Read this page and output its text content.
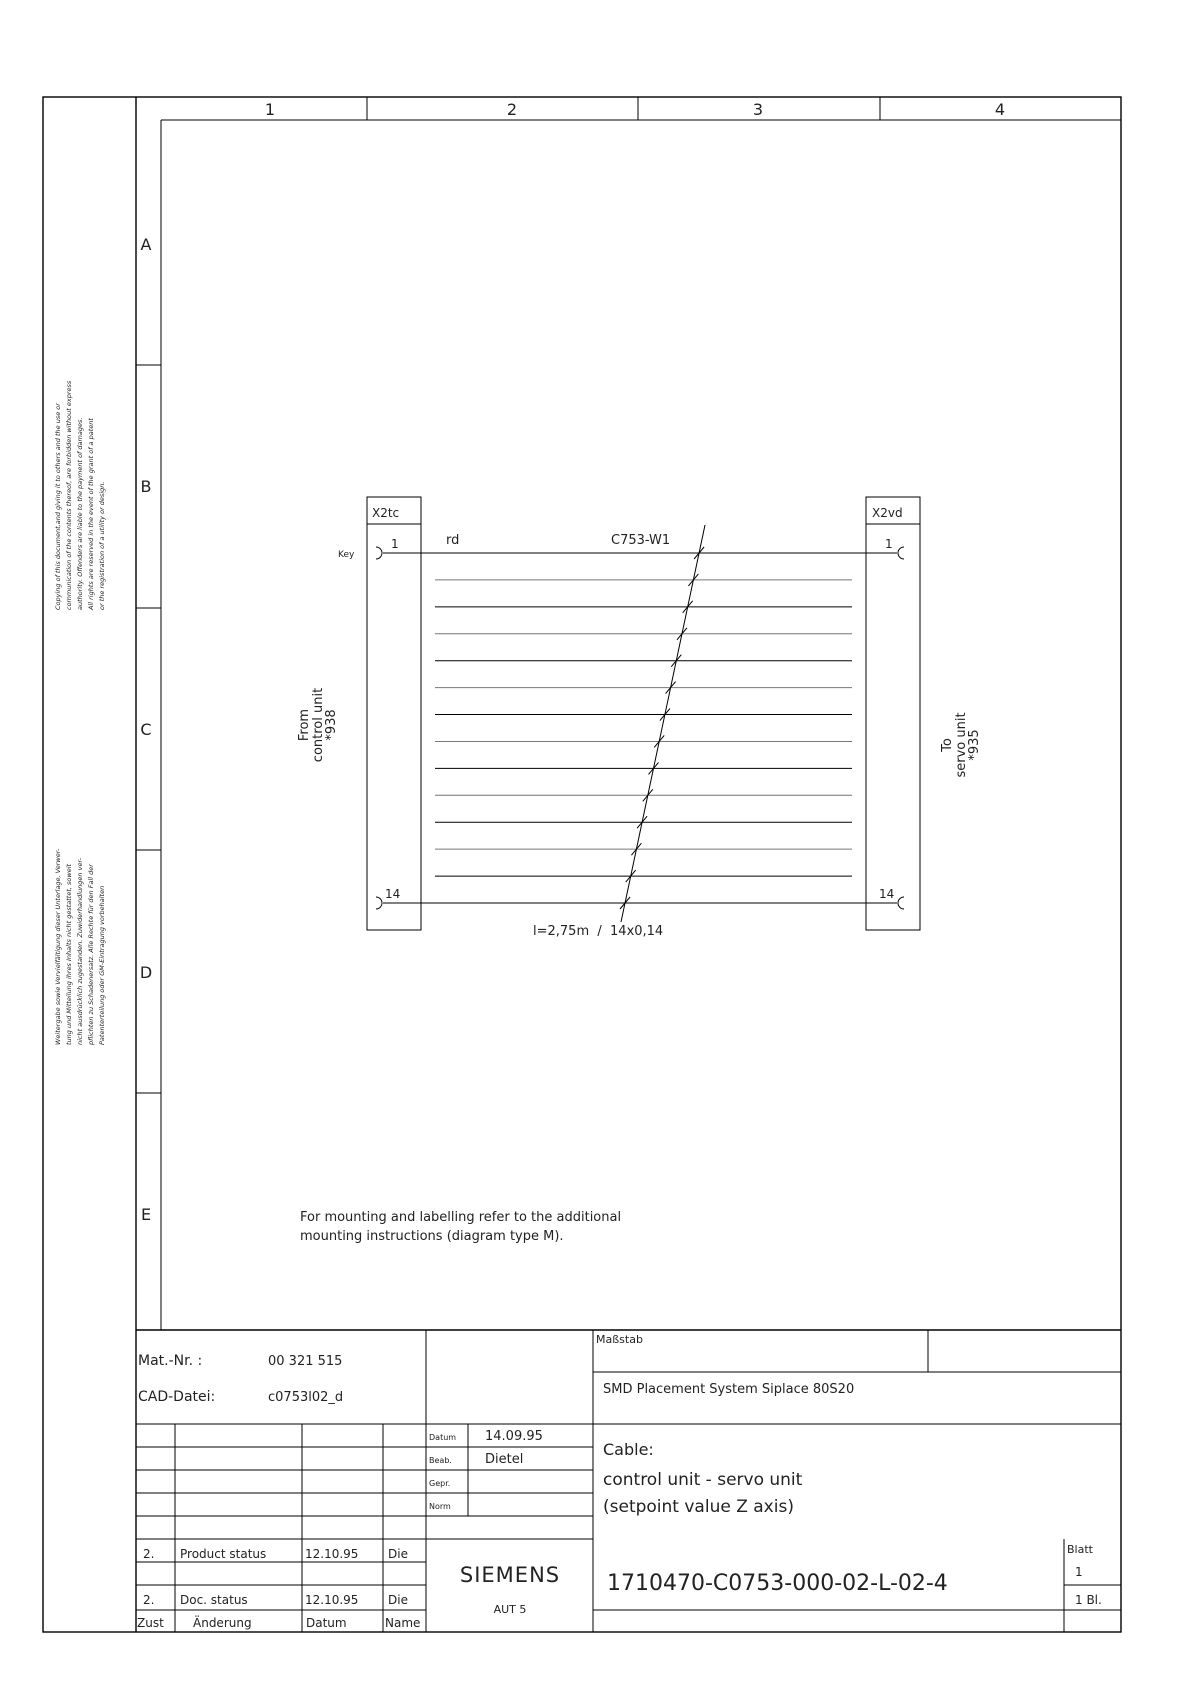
1	2	3	4
A
B
C
D
E
Copying of this document,and giving it to others and the use or communication of the contents thereof, are forbidden without express authority. Offenders are liable to the payment of damages. All rights are reserved in the event of the grant of a patent or the registration of a utility or design.
Weitergabe sowie Vervielfältigung dieser Unterlage, Verwer- tung und Mitteilung ihres Inhalts nicht gestattet, soweit nicht ausdrücklich zugestanden. Zuwiderhandlungen ver- pflichten zu Schadenersatz. Alle Rechte für den Fall der Patenterteilung oder GM-Eintragung vorbehalten
X2tc	X2vd
Key
1
14
1
14
rd	C753-W1
l=2,75m  /  14x0,14
From control unit
*938
To servo unit
*935
For mounting and labelling refer to the additional
mounting instructions (diagram type M).
Mat.-Nr. :	00 321 515
CAD-Datei:	c0753l02_d
Maßstab
SMD Placement System Siplace 80S20
Datum 14.09.95
Beab.	Dietel
Gepr.
Norm
Cable:
control unit - servo unit
(setpoint value Z axis)
2. Product status	12.10.95 Die
2. Doc. status	12.10.95 Die
Zust Änderung	Datum	Name
SIEMENS
AUT 5
1710470-C0753-000-02-L-02-4
Blatt
1
1 Bl.
